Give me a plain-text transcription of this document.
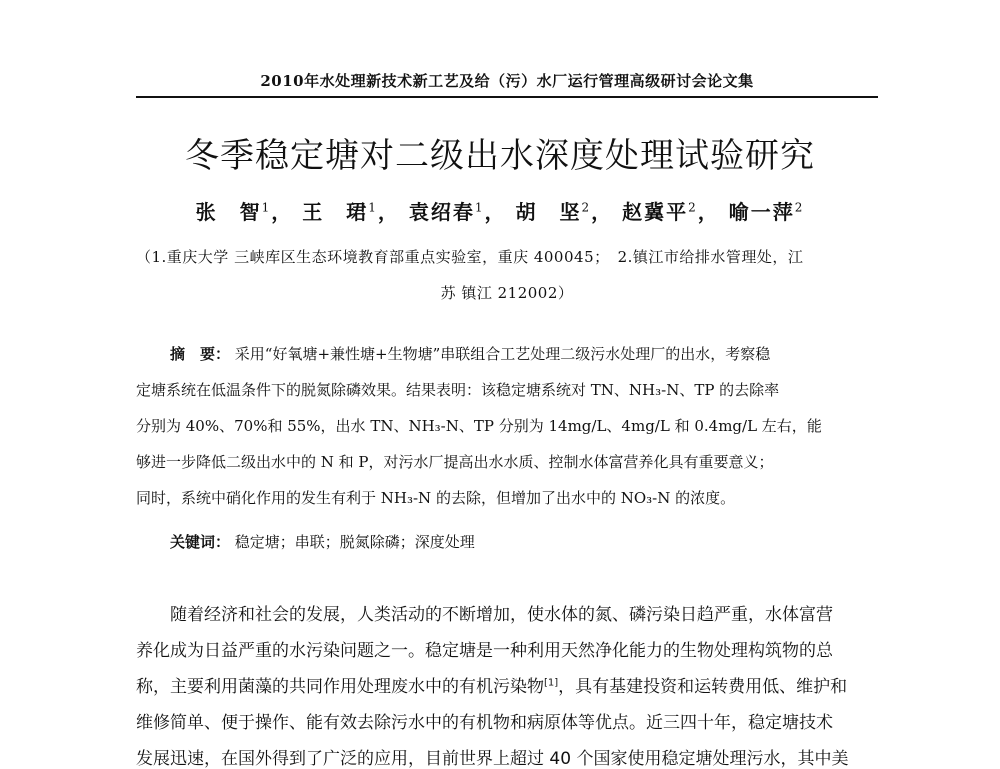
2010年水处理新技术新工艺及给（污）水厂运行管理高级研讨会论文集
冬季稳定塘对二级出水深度处理试验研究
张　智$^1$， 王　珺$^1$， 袁绍春$^1$， 胡　坚$^2$， 赵冀平$^2$， 喻一萍$^2$
（1.重庆大学 三峡库区生态环境教育部重点实验室，重庆 400045；　2.镇江市给排水管理处，江
苏 镇江 212002）
摘　要： 采用“好氧塘+兼性塘+生物塘”串联组合工艺处理二级污水处理厂的出水，考察稳
定塘系统在低温条件下的脱氮除磷效果。结果表明：该稳定塘系统对 TN、NH₃-N、TP 的去除率
分别为 40%、70%和 55%，出水 TN、NH₃-N、TP 分别为 14mg/L、4mg/L 和 0.4mg/L 左右，能
够进一步降低二级出水中的 N 和 P，对污水厂提高出水水质、控制水体富营养化具有重要意义；
同时，系统中硝化作用的发生有利于 NH₃-N 的去除，但增加了出水中的 NO₃-N 的浓度。
关键词： 稳定塘；串联；脱氮除磷；深度处理
随着经济和社会的发展，人类活动的不断增加，使水体的氮、磷污染日趋严重，水体富营
养化成为日益严重的水污染问题之一。稳定塘是一种利用天然净化能力的生物处理构筑物的总
称，主要利用菌藻的共同作用处理废水中的有机污染物[1]，具有基建投资和运转费用低、维护和
维修简单、便于操作、能有效去除污水中的有机物和病原体等优点。近三四十年，稳定塘技术
发展迅速，在国外得到了广泛的应用，目前世界上超过 40 个国家使用稳定塘处理污水，其中美
